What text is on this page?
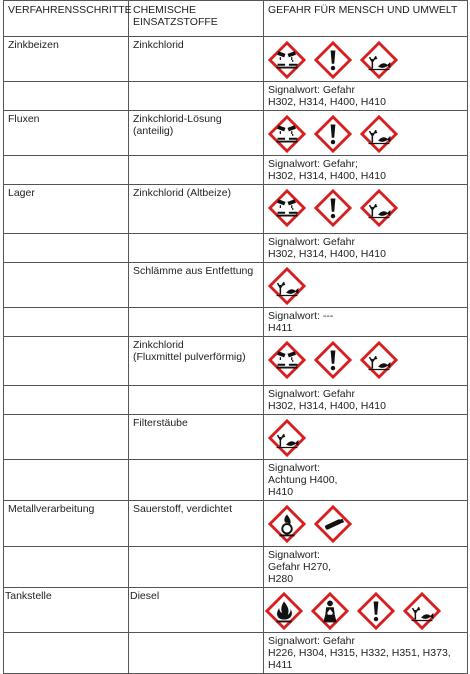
VERFAHRENSSCHRITTE	CHEMISCHE EINSATZSTOFFE	GEFAHR FÜR MENSCH UND UMWELT
Zinkbeizen	Zinkchlorid	

		Signalwort: Gefahr
H302, H314, H400, H410
Fluxen	Zinkchlorid-Lösung (anteilig)	

		Signalwort: Gefahr;
H302, H314, H400, H410
Lager	Zinkchlorid (Altbeize)	

		Signalwort: Gefahr
H302, H314, H400, H410
	Schlämme aus Entfettung	

		Signalwort: ---
H411
	Zinkchlorid
(Fluxmittel pulverförmig)	

		Signalwort: Gefahr
H302, H314, H400, H410
	Filterstäube	

		Signalwort:
Achtung H400,
H410
Metallverarbeitung	Sauerstoff, verdichtet	

		Signalwort:
Gefahr H270,
H280
Tankstelle	Diesel	

		Signalwort: Gefahr
H226, H304, H315, H332, H351, H373,
H411
